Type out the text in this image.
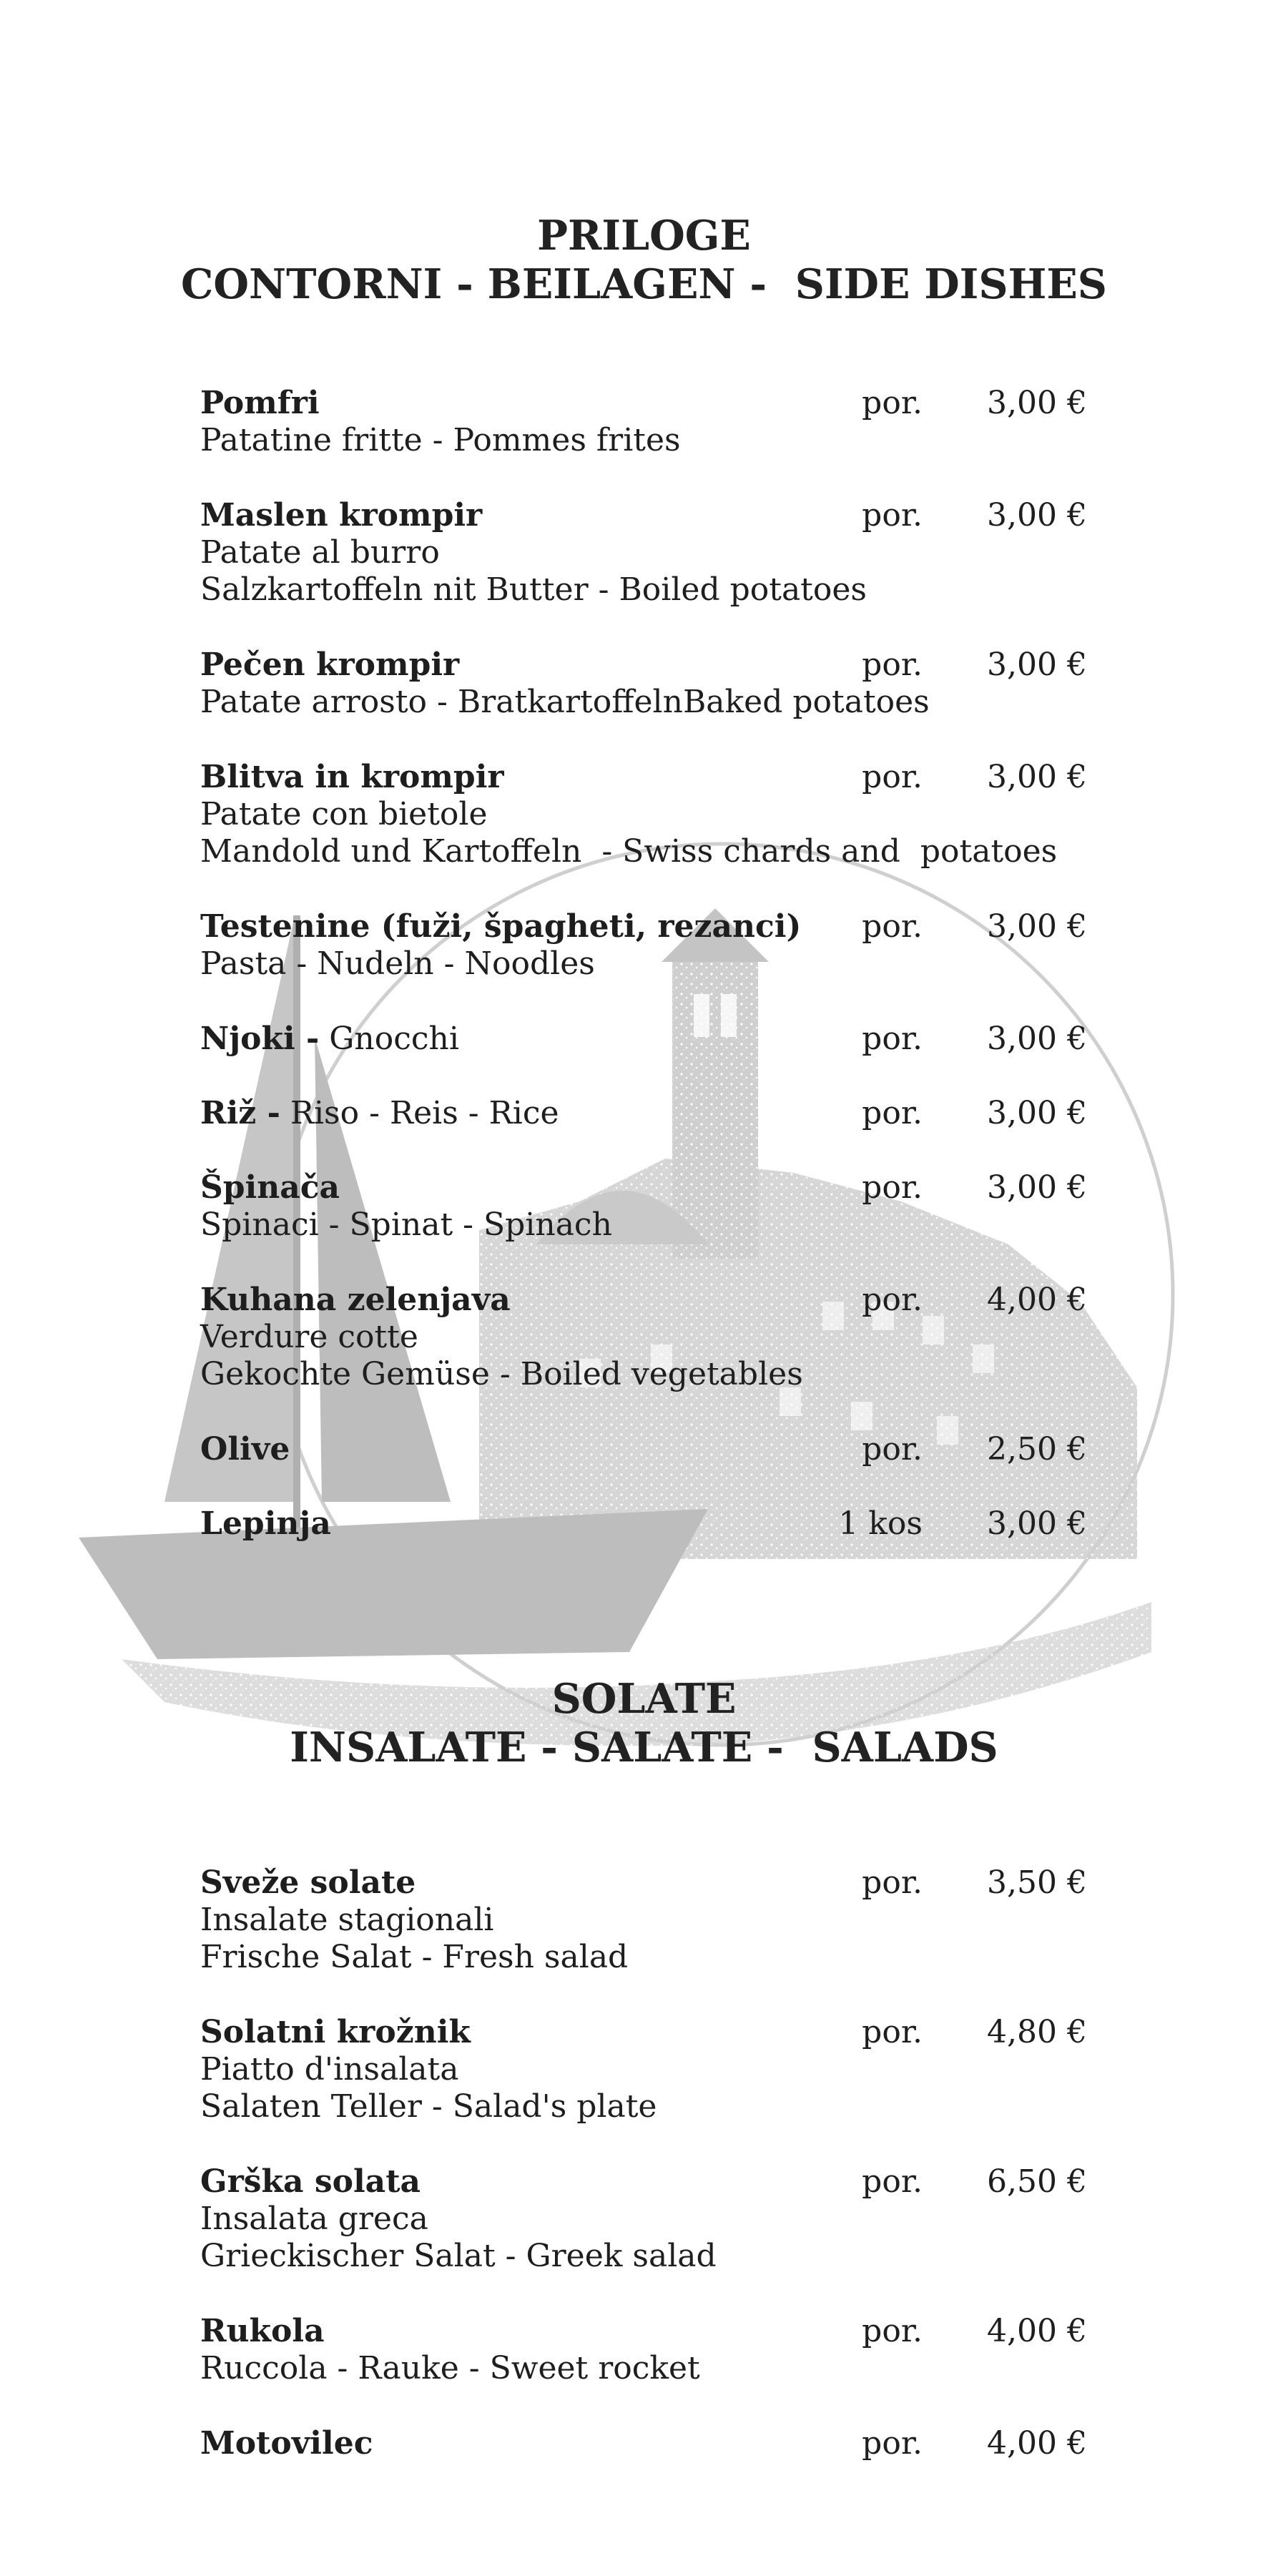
PRILOGE
CONTORNI - BEILAGEN -  SIDE DISHES
Pomfri
Patatine fritte - Pommes frites
por. 3,00 €
Maslen krompir
Patate al burro
Salzkartoffeln nit Butter - Boiled potatoes
por. 3,00 €
Pečen krompir
Patate arrosto - BratkartoffelnBaked potatoes
por. 3,00 €
Blitva in krompir
Patate con bietole
Mandold und Kartoffeln  - Swiss chards and  potatoes
por. 3,00 €
Testenine (fuži, špagheti, rezanci)
Pasta - Nudeln - Noodles
por. 3,00 €
Njoki - Gnocchi	por. 3,00 €
Riž - Riso - Reis - Rice	por. 3,00 €
Špinača
Spinaci - Spinat - Spinach
por. 3,00 €
Kuhana zelenjava
Verdure cotte
Gekochte Gemüse - Boiled vegetables
por. 4,00 €
Olive	por. 2,50 €
Lepinja	1 kos 3,00 €
SOLATE
INSALATE - SALATE -  SALADS
Sveže solate
Insalate stagionali
Frische Salat - Fresh salad
por. 3,50 €
Solatni krožnik
Piatto d'insalata
Salaten Teller - Salad's plate
por. 4,80 €
Grška solata
Insalata greca
Grieckischer Salat - Greek salad
por. 6,50 €
Rukola
Ruccola - Rauke - Sweet rocket
por. 4,00 €
Motovilec	por. 4,00 €
